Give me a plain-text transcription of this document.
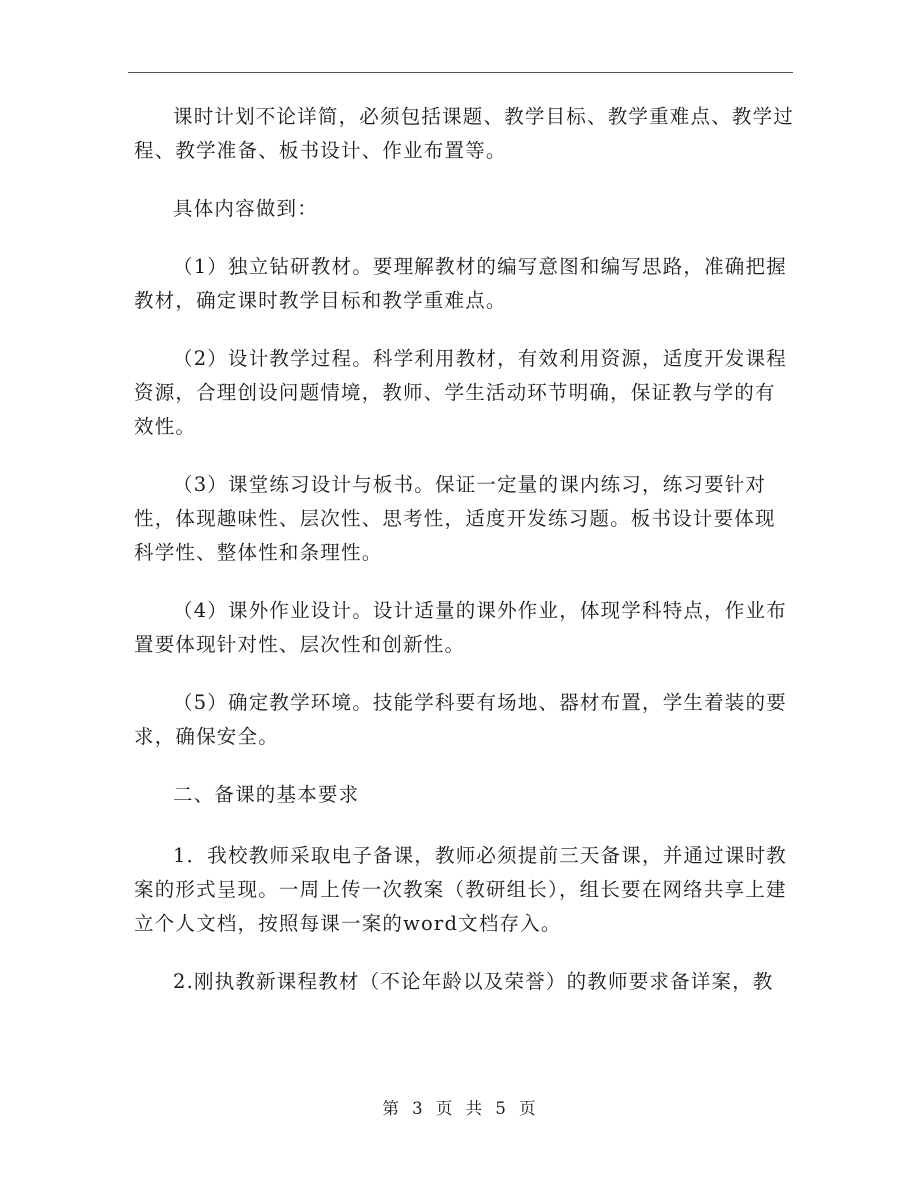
课时计划不论详简，必须包括课题、教学目标、教学重难点、教学过程、教学准备、板书设计、作业布置等。

具体内容做到：

（1）独立钻研教材。要理解教材的编写意图和编写思路，准确把握教材，确定课时教学目标和教学重难点。

（2）设计教学过程。科学利用教材，有效利用资源，适度开发课程资源，合理创设问题情境，教师、学生活动环节明确，保证教与学的有效性。

（3）课堂练习设计与板书。保证一定量的课内练习，练习要针对性，体现趣味性、层次性、思考性，适度开发练习题。板书设计要体现科学性、整体性和条理性。

（4）课外作业设计。设计适量的课外作业，体现学科特点，作业布置要体现针对性、层次性和创新性。

（5）确定教学环境。技能学科要有场地、器材布置，学生着装的要求，确保安全。

二、备课的基本要求

1．我校教师采取电子备课，教师必须提前三天备课，并通过课时教案的形式呈现。一周上传一次教案（教研组长），组长要在网络共享上建立个人文档，按照每课一案的word文档存入。

2.刚执教新课程教材（不论年龄以及荣誉）的教师要求备详案，教

第 3 页 共 5 页
